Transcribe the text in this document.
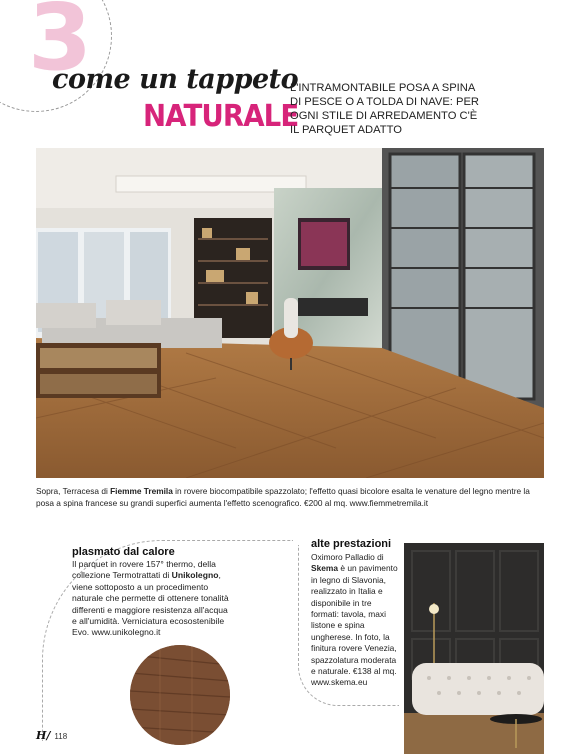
3
come un tappeto
NATURALE
L'INTRAMONTABILE POSA A SPINA DI PESCE O A TOLDA DI NAVE: PER OGNI STILE DI ARREDAMENTO C'È IL PARQUET ADATTO
Sopra, Terracesa di Fiemme Tremila in rovere biocompatibile spazzolato; l'effetto quasi bicolore esalta le venature del legno mentre la posa a spina francese su grandi superfici aumenta l'effetto scenografico. €200 al mq. www.fiemmetremila.it
plasmato dal calore
Il parquet in rovere 157° thermo, della collezione Termotrattati di Unikolegno, viene sottoposto a un procedimento naturale che permette di ottenere tonalità differenti e maggiore resistenza all'acqua e all'umidità. Verniciatura ecosostenibile Evo. www.unikolegno.it
H/ 118
alte prestazioni
Oximoro Palladio di Skema è un pavimento in legno di Slavonia, realizzato in Italia e disponibile in tre formati: tavola, maxi listone e spina ungherese. In foto, la finitura rovere Venezia, spazzolatura moderata e naturale. €138 al mq. www.skema.eu
